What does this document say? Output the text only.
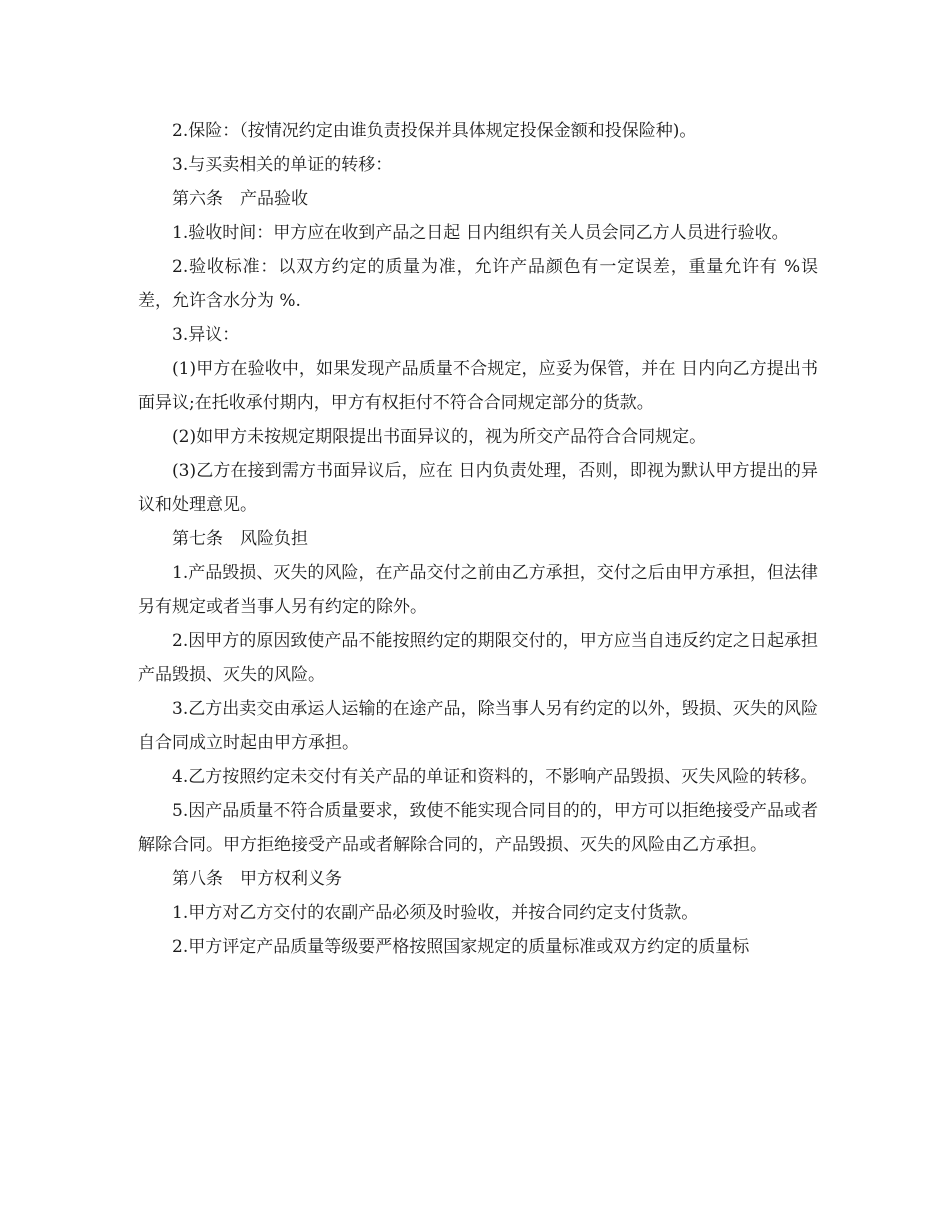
2.保险：（按情况约定由谁负责投保并具体规定投保金额和投保险种)。

3.与买卖相关的单证的转移：

第六条　产品验收

1.验收时间：甲方应在收到产品之日起 日内组织有关人员会同乙方人员进行验收。

2.验收标准：以双方约定的质量为准，允许产品颜色有一定误差，重量允许有 %误差，允许含水分为 %.

3.异议：

(1)甲方在验收中，如果发现产品质量不合规定，应妥为保管，并在 日内向乙方提出书面异议;在托收承付期内，甲方有权拒付不符合合同规定部分的货款。

(2)如甲方未按规定期限提出书面异议的，视为所交产品符合合同规定。

(3)乙方在接到需方书面异议后，应在 日内负责处理，否则，即视为默认甲方提出的异议和处理意见。

第七条　风险负担

1.产品毁损、灭失的风险，在产品交付之前由乙方承担，交付之后由甲方承担，但法律另有规定或者当事人另有约定的除外。

2.因甲方的原因致使产品不能按照约定的期限交付的，甲方应当自违反约定之日起承担产品毁损、灭失的风险。

3.乙方出卖交由承运人运输的在途产品，除当事人另有约定的以外，毁损、灭失的风险自合同成立时起由甲方承担。

4.乙方按照约定未交付有关产品的单证和资料的，不影响产品毁损、灭失风险的转移。

5.因产品质量不符合质量要求，致使不能实现合同目的的，甲方可以拒绝接受产品或者解除合同。甲方拒绝接受产品或者解除合同的，产品毁损、灭失的风险由乙方承担。

第八条　甲方权利义务

1.甲方对乙方交付的农副产品必须及时验收，并按合同约定支付货款。

2.甲方评定产品质量等级要严格按照国家规定的质量标准或双方约定的质量标
